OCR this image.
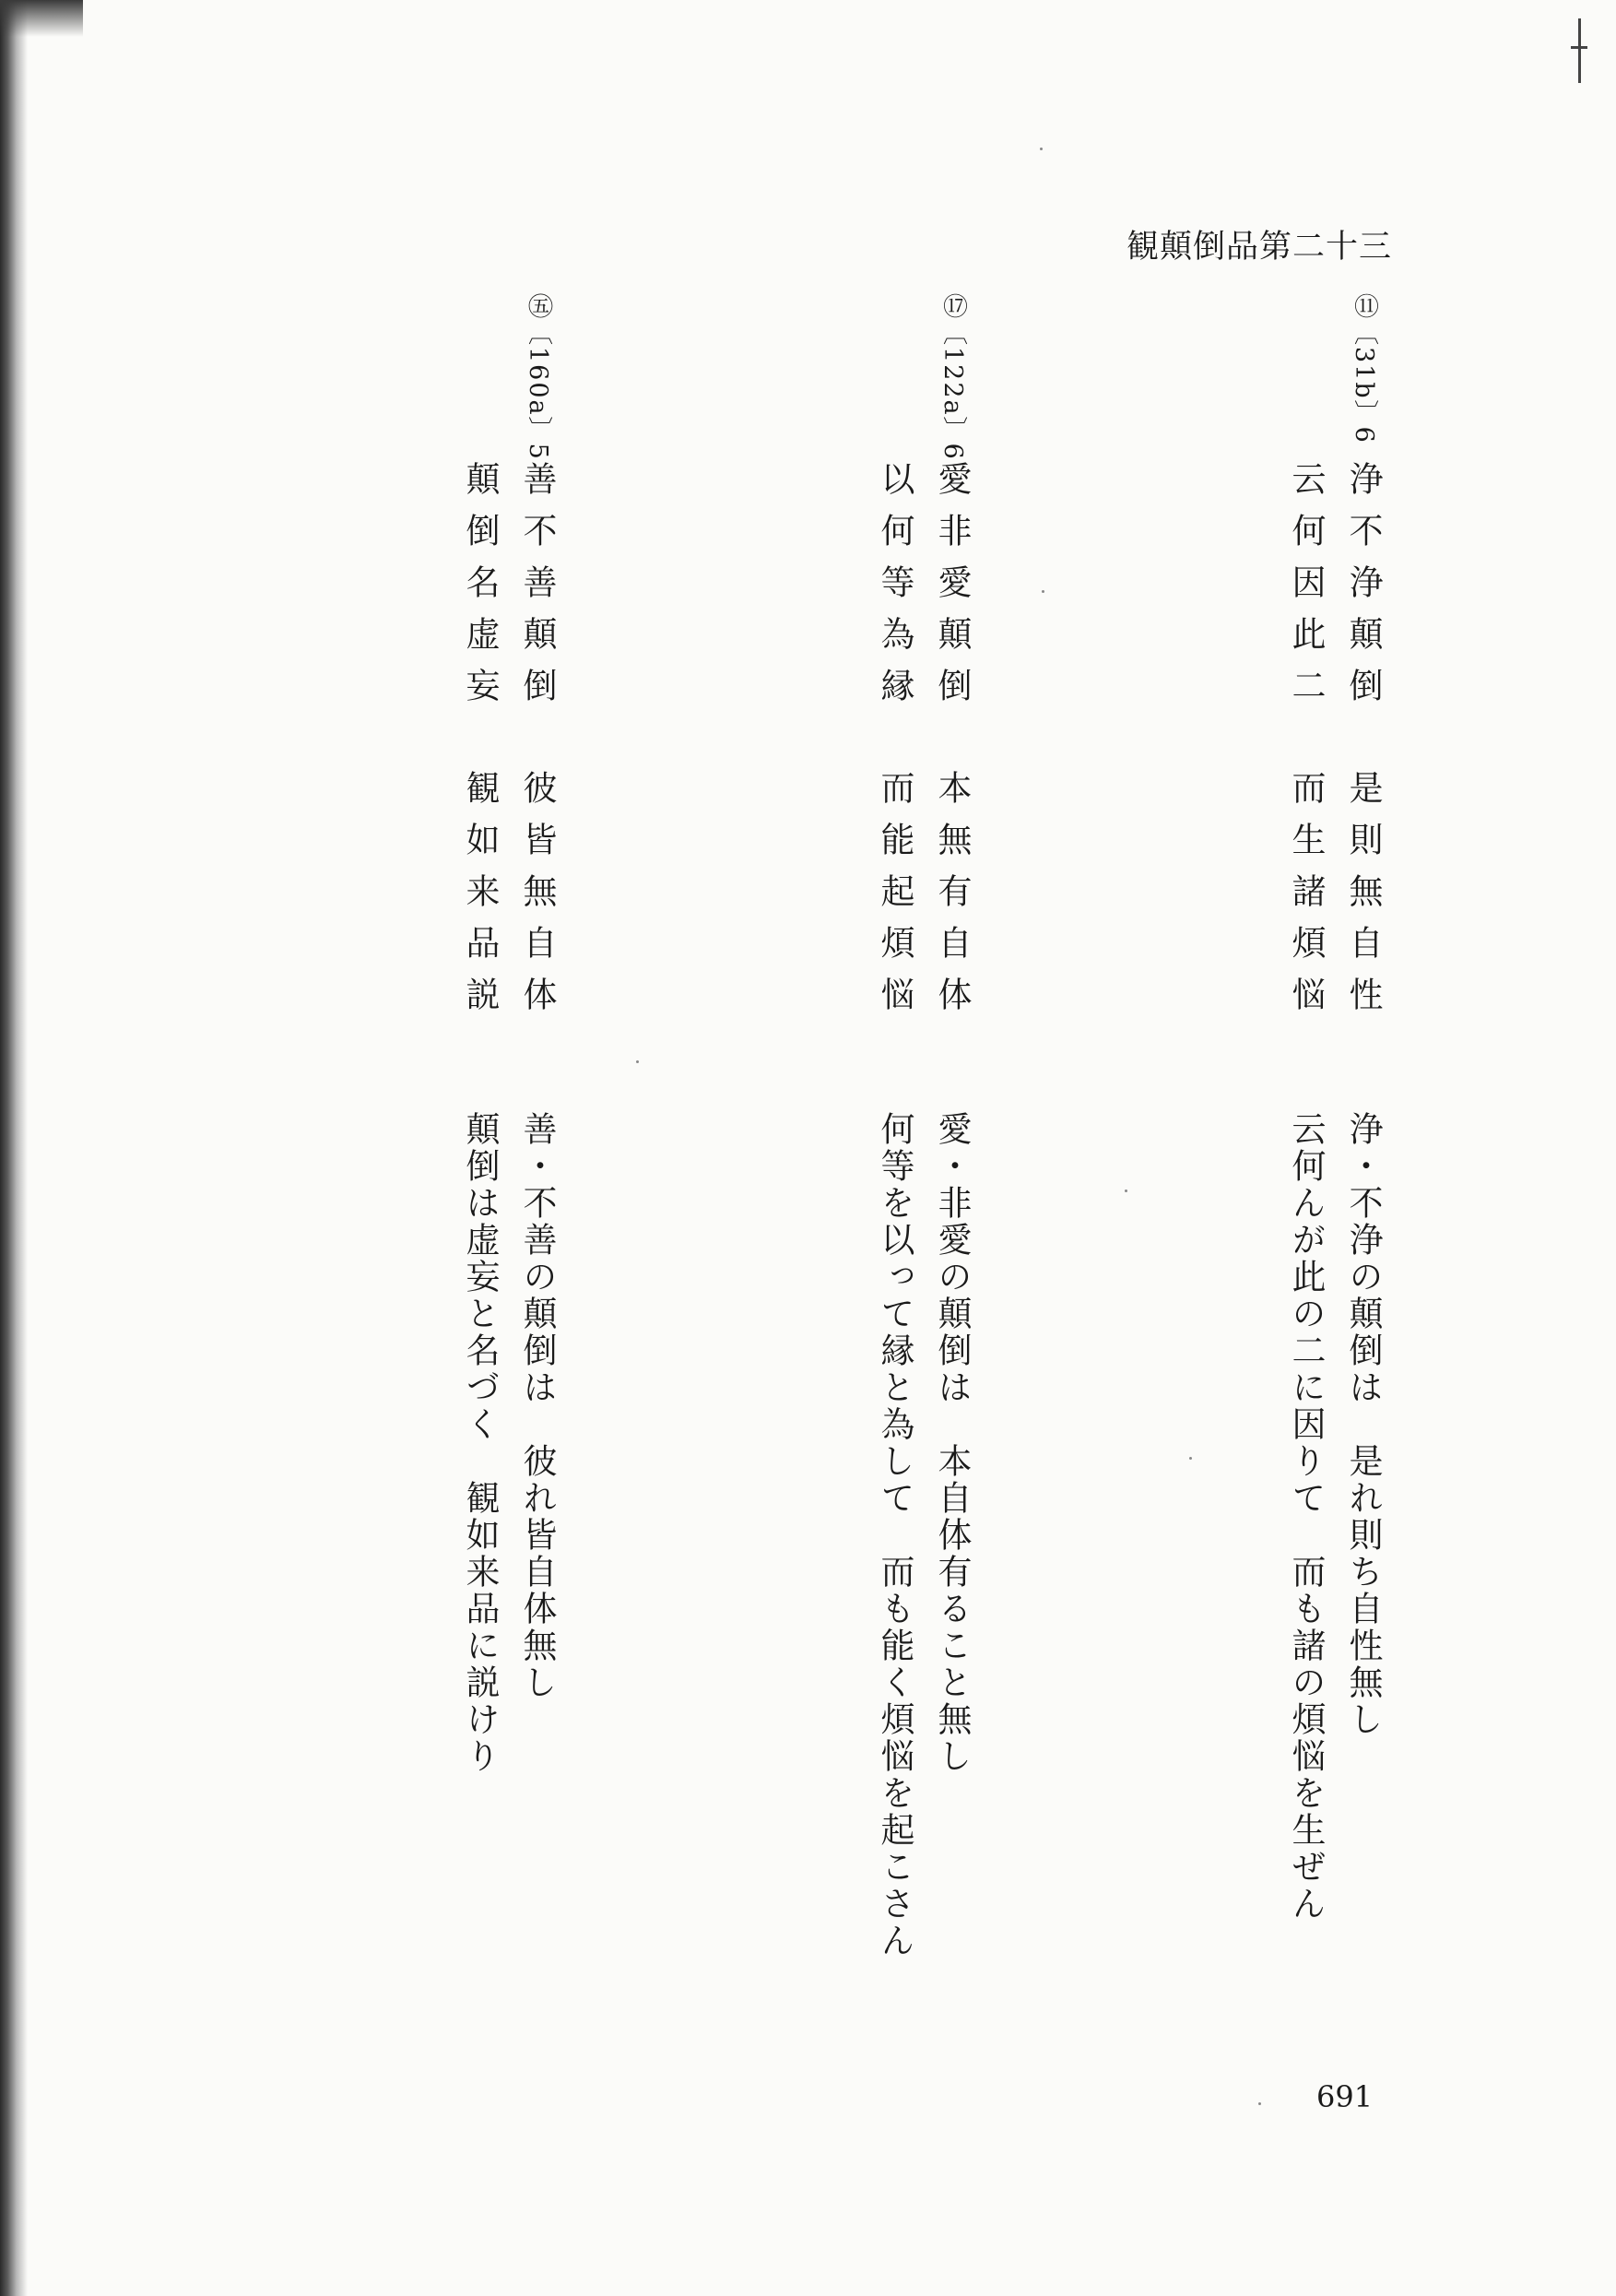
観顛倒品第二十三
⑪〔31b〕6
浄不浄顛倒
是則無自性
云何因此二
而生諸煩悩
浄・不浄の顛倒は　是れ則ち自性無し
云何んが此の二に因りて　而も諸の煩悩を生ぜん
⑰〔122a〕6
愛非愛顛倒
本無有自体
以何等為縁
而能起煩悩
愛・非愛の顛倒は　本自体有ること無し
何等を以って縁と為して　而も能く煩悩を起こさん
㊄〔160a〕5
善不善顛倒
彼皆無自体
顛倒名虚妄
観如来品説
善・不善の顛倒は　彼れ皆自体無し
顛倒は虚妄と名づく　観如来品に説けり
691
